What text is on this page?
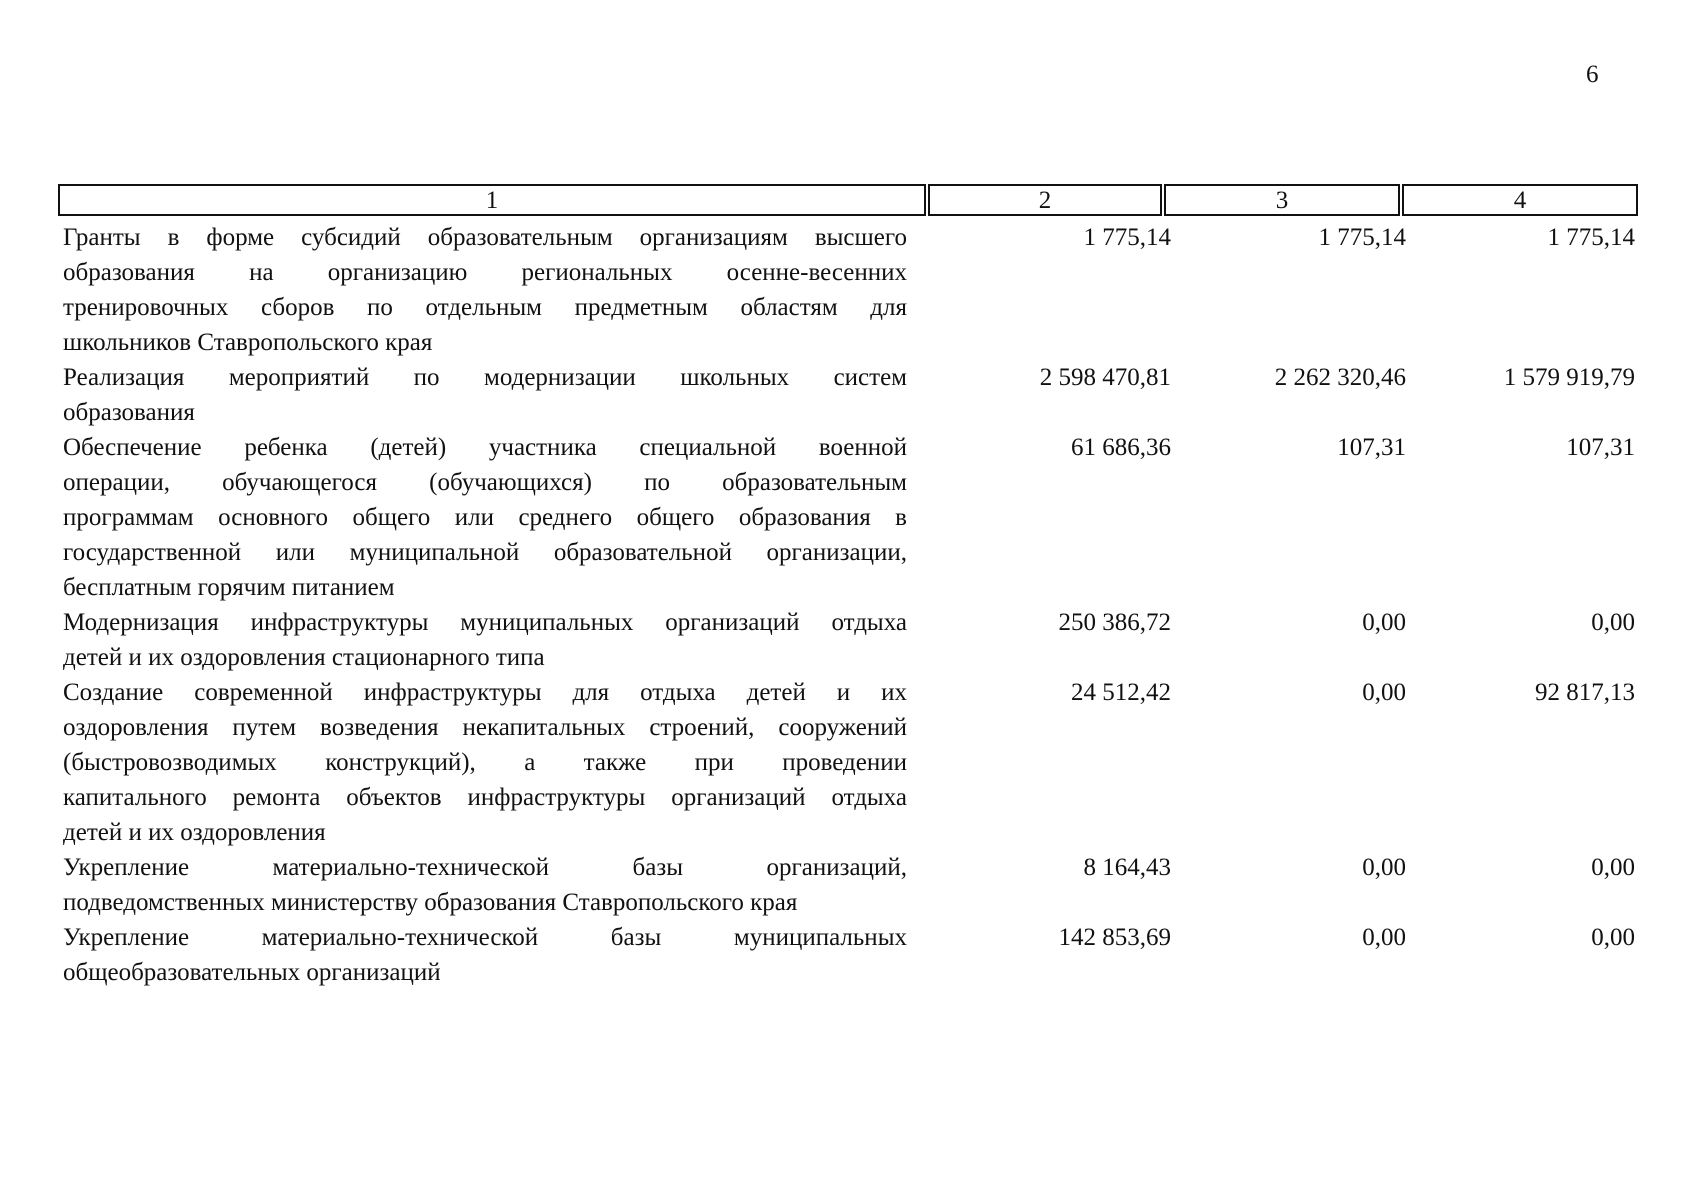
6
1	2	3	4
Гранты в форме субсидий образовательным организациям высшего
образования на организацию региональных осенне-весенних
тренировочных сборов по отдельным предметным областям для
школьников Ставропольского края
1 775,14	1 775,14	1 775,14
Реализация мероприятий по модернизации школьных систем
образования
2 598 470,81	2 262 320,46	1 579 919,79
Обеспечение ребенка (детей) участника специальной военной
операции, обучающегося (обучающихся) по образовательным
программам основного общего или среднего общего образования в
государственной или муниципальной образовательной организации,
бесплатным горячим питанием
61 686,36	107,31	107,31
Модернизация инфраструктуры муниципальных организаций отдыха
детей и их оздоровления стационарного типа
250 386,72	0,00	0,00
Создание современной инфраструктуры для отдыха детей и их
оздоровления путем возведения некапитальных строений, сооружений
(быстровозводимых конструкций), а также при проведении
капитального ремонта объектов инфраструктуры организаций отдыха
детей и их оздоровления
24 512,42	0,00	92 817,13
Укрепление материально-технической базы организаций,
подведомственных министерству образования Ставропольского края
8 164,43	0,00	0,00
Укрепление материально-технической базы муниципальных
общеобразовательных организаций
142 853,69	0,00	0,00
